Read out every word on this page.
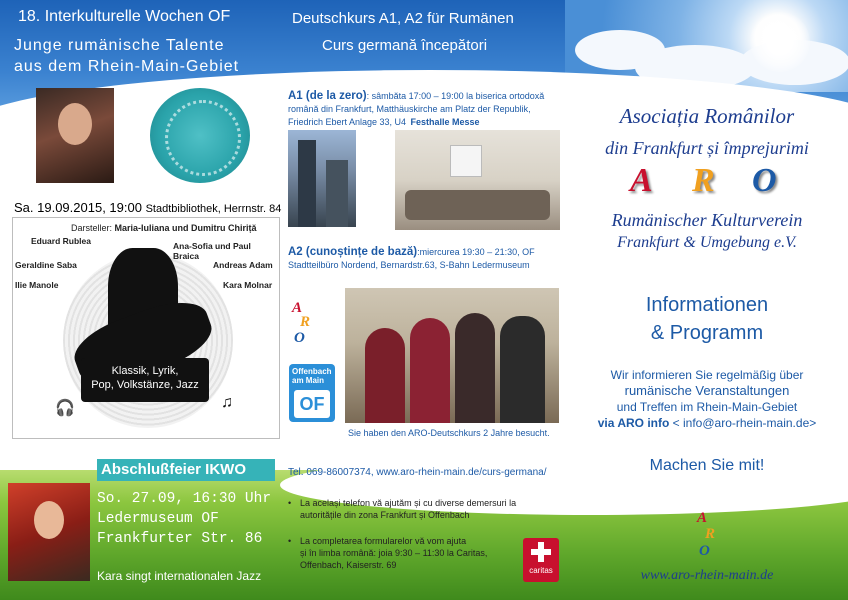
18. Interkulturelle Wochen OF
Junge rumänische Talente
aus dem Rhein-Main-Gebiet
Sa. 19.09.2015, 19:00 Stadtbibliothek, Herrnstr. 84
Darsteller: Maria-Iuliana und Dumitru Chiriță
Eduard Rublea	Ana-Sofia und Paul Braica
Geraldine Saba	Andreas Adam
Ilie Manole	Kara Molnar
Klassik, Lyrik,
Pop, Volkstänze, Jazz
🎧	♫
Deutschkurs A1, A2 für Rumänen
Curs germană începători
A1 (de la zero): sâmbăta 17:00 – 19:00 la biserica ortodoxă
română din Frankfurt, Matthäuskirche am Platz der Republik,
Friedrich Ebert Anlage 33, U4 Festhalle Messe
A2 (cunoștințe de bază):miercurea 19:30 – 21:30, OF
Stadtteilbüro Nordend, Bernardstr.63, S-Bahn Ledermuseum
A
R
O
Offenbach
am Main
OF
Sie haben den ARO-Deutschkurs 2 Jahre besucht.
Tel. 069-86007374, www.aro-rhein-main.de/curs-germana/
• La același telefon vă ajutăm și cu diverse demersuri la
autoritățile din zona Frankfurt și Offenbach
• La completarea formularelor vă vom ajuta
și în limba română: joia 9:30 – 11:30 la Caritas,
Offenbach, Kaiserstr. 69
caritas
Asociația Românilor
din Frankfurt și împrejurimi
A R O
Rumänischer Kulturverein
Frankfurt & Umgebung e.V.
Informationen
& Programm
Wir informieren Sie regelmäßig über
rumänische Veranstaltungen
und Treffen im Rhein-Main-Gebiet
via ARO info < info@aro-rhein-main.de>
Machen Sie mit!
A
R
O
www.aro-rhein-main.de
Abschlußfeier IKWO
So. 27.09, 16:30 Uhr
Ledermuseum OF
Frankfurter Str. 86
Kara singt internationalen Jazz
